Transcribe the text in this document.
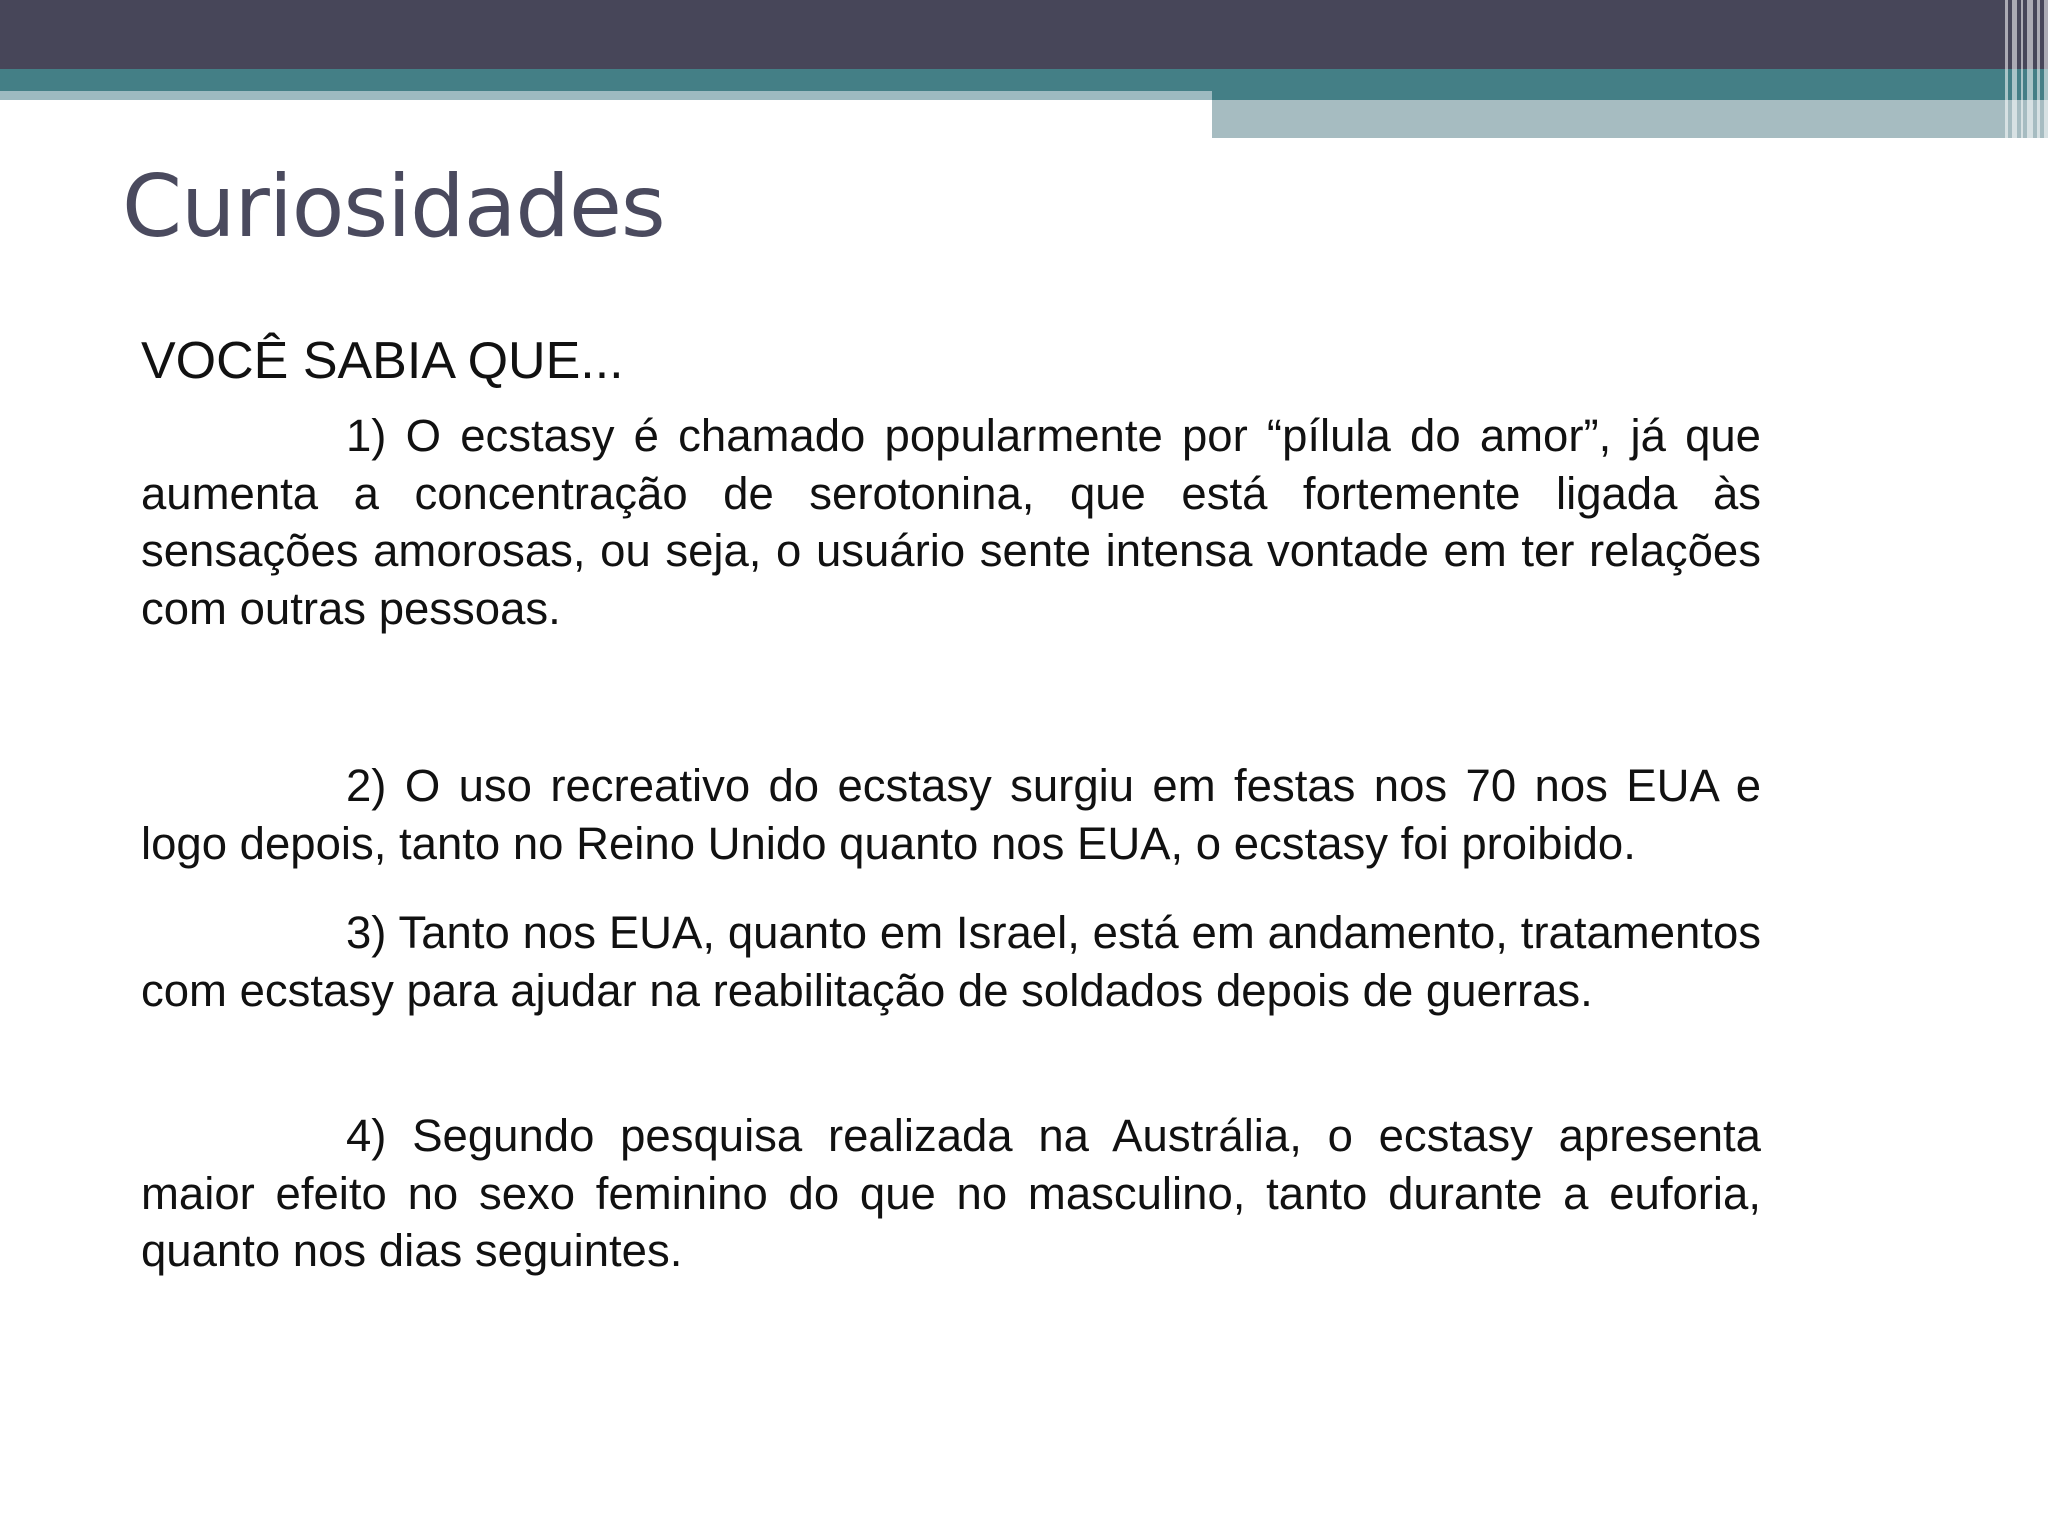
Curiosidades

VOCÊ SABIA QUE...

1) O ecstasy é chamado popularmente por “pílula do amor”, já que aumenta a concentração de serotonina, que está fortemente ligada às sensações amorosas, ou seja, o usuário sente intensa vontade em ter relações com outras pessoas.

2) O uso recreativo do ecstasy surgiu em festas nos 70 nos EUA e logo depois, tanto no Reino Unido quanto nos EUA, o ecstasy foi proibido.

3) Tanto nos EUA, quanto em Israel, está em andamento, tratamentos com ecstasy para ajudar na reabilitação de soldados depois de guerras.

4) Segundo pesquisa realizada na Austrália, o ecstasy apresenta maior efeito no sexo feminino do que no masculino, tanto durante a euforia, quanto nos dias seguintes.
